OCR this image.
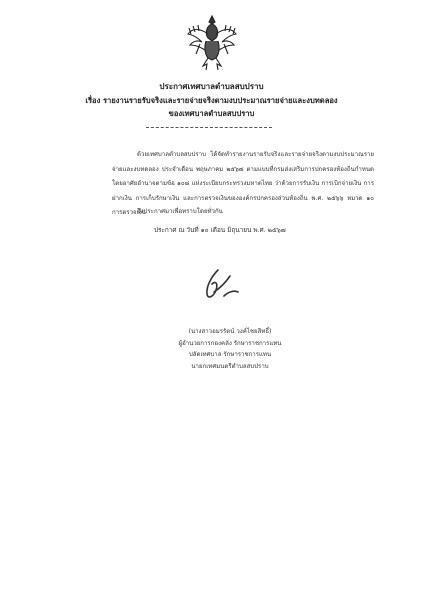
ประกาศเทศบาลตำบลสบปราบ
เรื่อง รายงานรายรับจริงและรายจ่ายจริงตามงบประมาณรายจ่ายและงบทดลอง
ของเทศบาลตำบลสบปราบ

ด้วยเทศบาลตำบลสบปราบ ได้จัดทำรายงานรายรับจริงและรายจ่ายจริงตามงบประมาณรายจ่ายและงบทดลอง ประจำเดือน พฤษภาคม ๒๕๖๗ ตามแบบที่กรมส่งเสริมการปกครองท้องถิ่นกำหนดโดยอาศัยอำนาจตามข้อ ๑๐๘ แห่งระเบียบกระทรวงมหาดไทย ว่าด้วยการรับเงิน การเบิกจ่ายเงิน การฝากเงิน การเก็บรักษาเงิน และการตรวจเงินขององค์กรปกครองส่วนท้องถิ่น พ.ศ. ๒๕๖๖ หมวด ๑๐ การตรวจเงิน

จึงประกาศมาเพื่อทราบโดยทั่วกัน
ประกาศ ณ วันที่ ๑๐ เดือน มิถุนายน พ.ศ. ๒๕๖๗
(นางสาวอมรรัตน์ วงค์ไชยสิทธิ์)
ผู้อำนวยการกองคลัง รักษาราชการแทน
ปลัดเทศบาล รักษาราชการแทน
นายกเทศมนตรีตำบลสบปราบ
